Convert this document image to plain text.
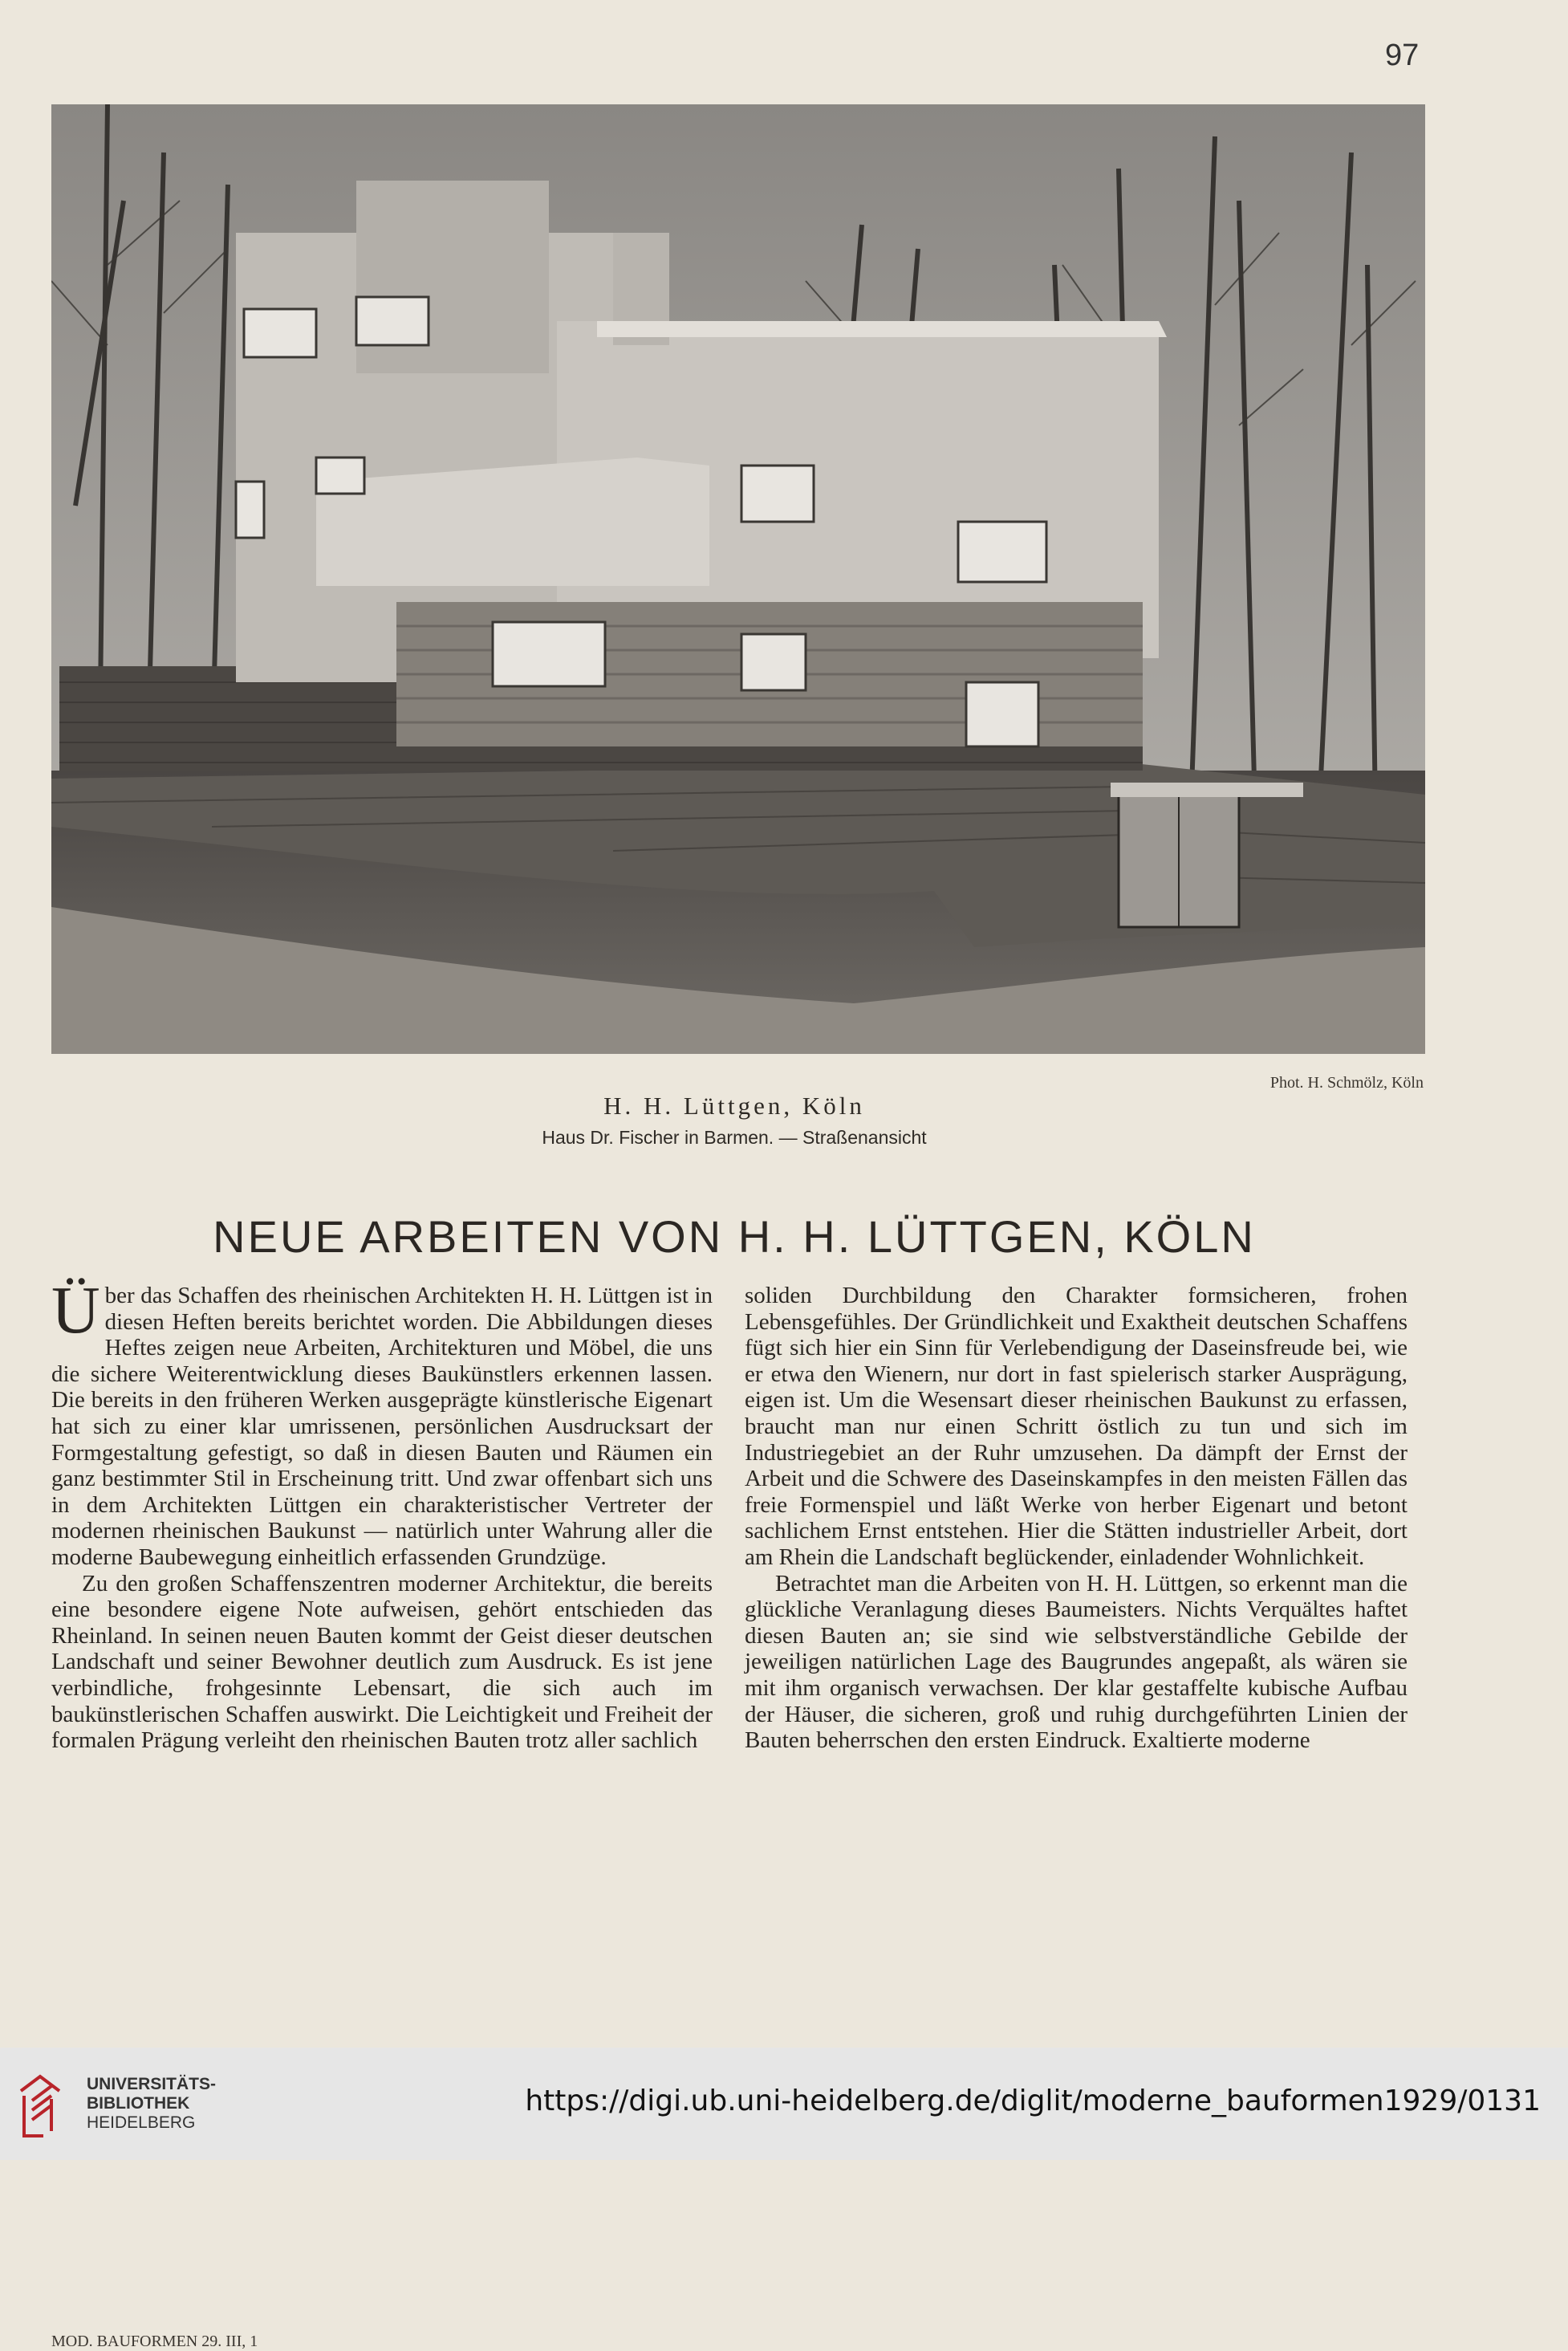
97
Phot. H. Schmölz, Köln
H. H. Lüttgen, Köln
Haus Dr. Fischer in Barmen. — Straßenansicht
NEUE ARBEITEN VON H. H. LÜTTGEN, KÖLN

Über das Schaffen des rheinischen Architekten H. H. Lüttgen ist in diesen Heften bereits berichtet worden. Die Abbildungen dieses Heftes zeigen neue Arbeiten, Architekturen und Möbel, die uns die sichere Weiterentwicklung dieses Baukünstlers erkennen lassen. Die bereits in den früheren Werken ausgeprägte künstlerische Eigenart hat sich zu einer klar umrissenen, persönlichen Ausdrucksart der Formgestaltung gefestigt, so daß in diesen Bauten und Räumen ein ganz bestimmter Stil in Erscheinung tritt. Und zwar offenbart sich uns in dem Architekten Lüttgen ein charakteristischer Vertreter der modernen rheinischen Baukunst — natürlich unter Wahrung aller die moderne Baubewegung einheitlich erfassenden Grundzüge.

Zu den großen Schaffenszentren moderner Architektur, die bereits eine besondere eigene Note aufweisen, gehört entschieden das Rheinland. In seinen neuen Bauten kommt der Geist dieser deutschen Landschaft und seiner Bewohner deutlich zum Ausdruck. Es ist jene verbindliche, frohgesinnte Lebensart, die sich auch im baukünstlerischen Schaffen auswirkt. Die Leichtigkeit und Freiheit der formalen Prägung verleiht den rheinischen Bauten trotz aller sachlich

soliden Durchbildung den Charakter formsicheren, frohen Lebensgefühles. Der Gründlichkeit und Exaktheit deutschen Schaffens fügt sich hier ein Sinn für Verlebendigung der Daseinsfreude bei, wie er etwa den Wienern, nur dort in fast spielerisch starker Ausprägung, eigen ist. Um die Wesensart dieser rheinischen Baukunst zu erfassen, braucht man nur einen Schritt östlich zu tun und sich im Industriegebiet an der Ruhr umzusehen. Da dämpft der Ernst der Arbeit und die Schwere des Daseinskampfes in den meisten Fällen das freie Formenspiel und läßt Werke von herber Eigenart und betont sachlichem Ernst entstehen. Hier die Stätten industrieller Arbeit, dort am Rhein die Landschaft beglückender, einladender Wohnlichkeit.

Betrachtet man die Arbeiten von H. H. Lüttgen, so erkennt man die glückliche Veranlagung dieses Baumeisters. Nichts Verquältes haftet diesen Bauten an; sie sind wie selbstverständliche Gebilde der jeweiligen natürlichen Lage des Baugrundes angepaßt, als wären sie mit ihm organisch verwachsen. Der klar gestaffelte kubische Aufbau der Häuser, die sicheren, groß und ruhig durchgeführten Linien der Bauten beherrschen den ersten Eindruck. Exaltierte moderne

MOD. BAUFORMEN 29. III, 1
UNIVERSITÄTS-
BIBLIOTHEK
HEIDELBERG
https://digi.ub.uni-heidelberg.de/diglit/moderne_bauformen1929/0131
